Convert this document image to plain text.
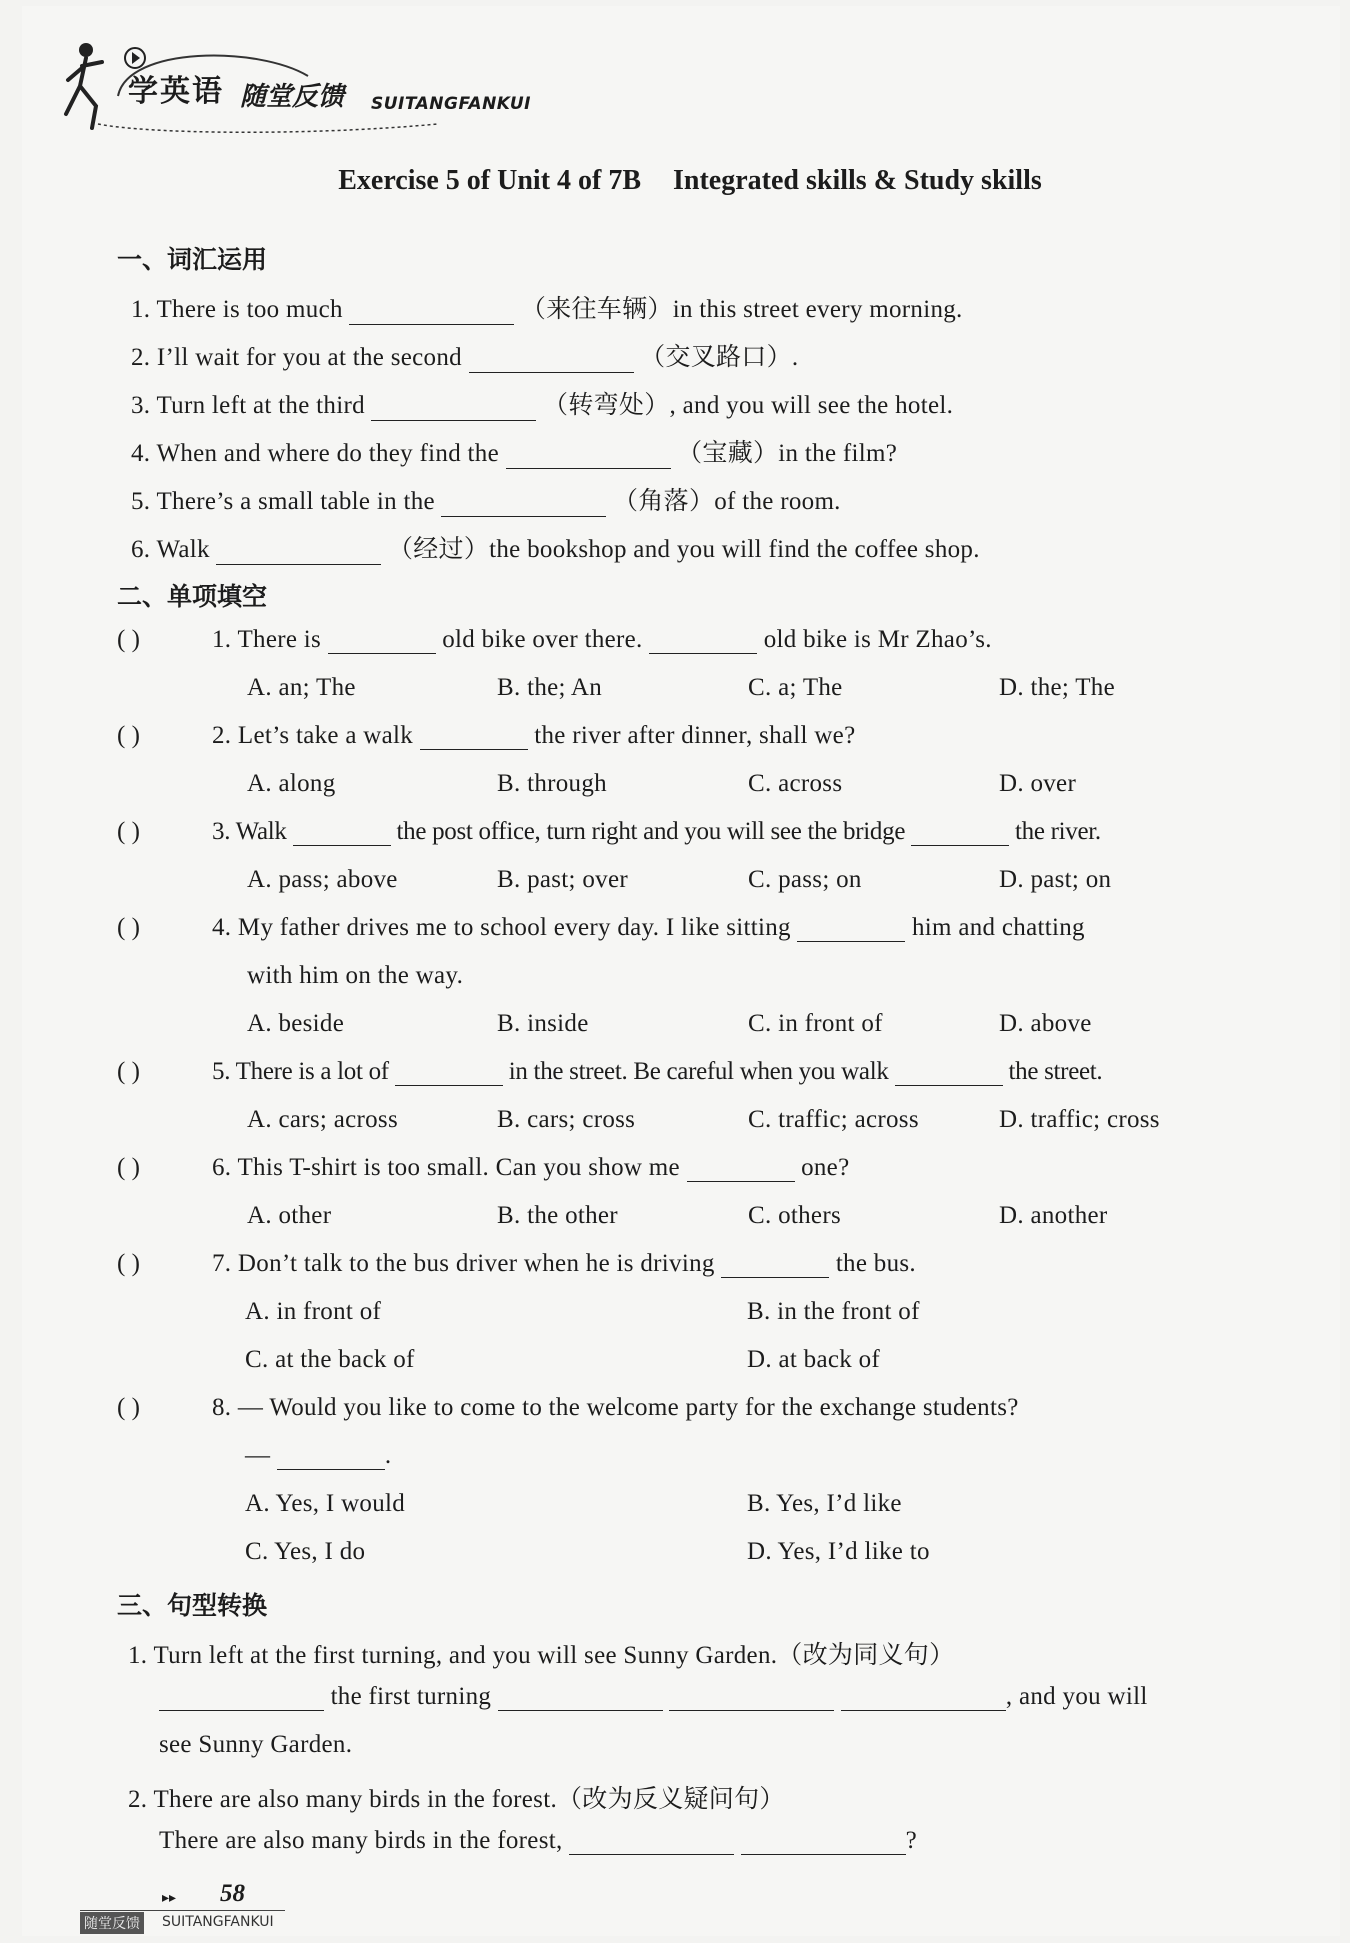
学英语 随堂反馈 SUITANGFANKUI
Exercise 5 of Unit 4 of 7B Integrated skills & Study skills
一、词汇运用
1. There is too much	（来往车辆）in this street every morning.
2. I’ll wait for you at the second	（交叉路口）.
3. Turn left at the third	（转弯处）, and you will see the hotel.
4. When and where do they find the	（宝藏）in the film?
5. There’s a small table in the	（角落）of the room.
6. Walk	（经过）the bookshop and you will find the coffee shop.
二、单项填空
( )	1. There is	old bike over there.	old bike is Mr Zhao’s.
A. an; The	B. the; An	C. a; The	D. the; The
( )	2. Let’s take a walk	the river after dinner, shall we?
A. along	B. through	C. across	D. over
( )	3. Walk	the post office, turn right and you will see the bridge	the river.
A. pass; above	B. past; over	C. pass; on	D. past; on
( )	4. My father drives me to school every day. I like sitting	him and chatting
with him on the way.
A. beside	B. inside	C. in front of	D. above
( )	5. There is a lot of	in the street. Be careful when you walk	the street.
A. cars; across	B. cars; cross	C. traffic; across	D. traffic; cross
( )	6. This T-shirt is too small. Can you show me	one?
A. other	B. the other	C. others	D. another
( )	7. Don’t talk to the bus driver when he is driving	the bus.
A. in front of	B. in the front of
C. at the back of	D. at back of
( )	8. — Would you like to come to the welcome party for the exchange students?
—	.
A. Yes, I would	B. Yes, I’d like
C. Yes, I do	D. Yes, I’d like to
三、句型转换
1. Turn left at the first turning, and you will see Sunny Garden.（改为同义句）
the first turning	, and you will
see Sunny Garden.
2. There are also many birds in the forest.（改为反义疑问句）
There are also many birds in the forest,	?
▸▸ 58
随堂反馈 SUITANGFANKUI
